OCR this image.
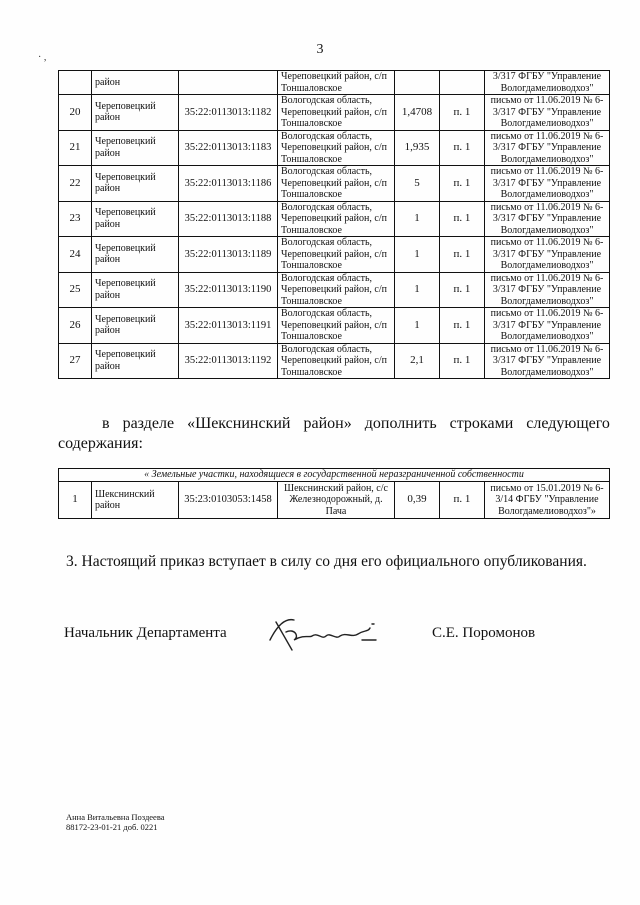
3
· ,
	район		Череповецкий район, с/п Тоншаловское			3/317 ФГБУ "Управление Вологдамелиоводхоз"
20	Череповецкий район	35:22:0113013:1182	Вологодская область, Череповецкий район, с/п Тоншаловское	1,4708	п. 1	письмо от 11.06.2019 № 6-3/317 ФГБУ "Управление Вологдамелиоводхоз"
21	Череповецкий район	35:22:0113013:1183	Вологодская область, Череповецкий район, с/п Тоншаловское	1,935	п. 1	письмо от 11.06.2019 № 6-3/317 ФГБУ "Управление Вологдамелиоводхоз"
22	Череповецкий район	35:22:0113013:1186	Вологодская область, Череповецкий район, с/п Тоншаловское	5	п. 1	письмо от 11.06.2019 № 6-3/317 ФГБУ "Управление Вологдамелиоводхоз"
23	Череповецкий район	35:22:0113013:1188	Вологодская область, Череповецкий район, с/п Тоншаловское	1	п. 1	письмо от 11.06.2019 № 6-3/317 ФГБУ "Управление Вологдамелиоводхоз"
24	Череповецкий район	35:22:0113013:1189	Вологодская область, Череповецкий район, с/п Тоншаловское	1	п. 1	письмо от 11.06.2019 № 6-3/317 ФГБУ "Управление Вологдамелиоводхоз"
25	Череповецкий район	35:22:0113013:1190	Вологодская область, Череповецкий район, с/п Тоншаловское	1	п. 1	письмо от 11.06.2019 № 6-3/317 ФГБУ "Управление Вологдамелиоводхоз"
26	Череповецкий район	35:22:0113013:1191	Вологодская область, Череповецкий район, с/п Тоншаловское	1	п. 1	письмо от 11.06.2019 № 6-3/317 ФГБУ "Управление Вологдамелиоводхоз"
27	Череповецкий район	35:22:0113013:1192	Вологодская область, Череповецкий район, с/п Тоншаловское	2,1	п. 1	письмо от 11.06.2019 № 6-3/317 ФГБУ "Управление Вологдамелиоводхоз"
в разделе «Шекснинский район» дополнить строками следующего
содержания:
« Земельные участки, находящиеся в государственной неразграниченной собственности
1	Шекснинский район	35:23:0103053:1458	Шекснинский район, с/с Железнодорожный, д. Пача	0,39	п. 1	письмо от 15.01.2019 № 6-3/14 ФГБУ "Управление Вологдамелиоводхоз"»
3. Настоящий приказ вступает в силу со дня его официального опубликования.
Начальник Департамента	С.Е. Поромонов
Анна Витальевна Поздеева
88172-23-01-21 доб. 0221
